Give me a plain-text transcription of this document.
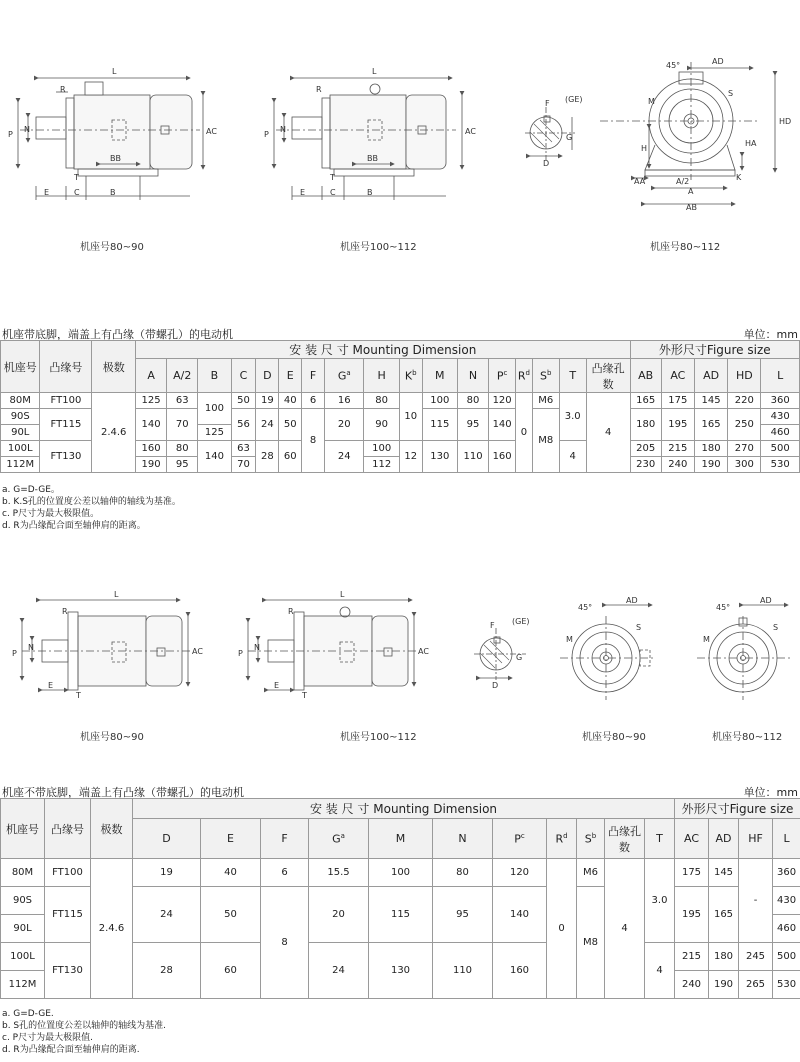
L
R
P
N
E	C
T
BB
B
AC
L
R
P
N
E	C
T
BB
B
AC
(GE)
F
G
D
45°	AD
M
S
HD
H
HA
A/2
A
AA
AB
K
机座号80~90	机座号100~112	机座号80~112
机座带底脚，端盖上有凸缘（带螺孔）的电动机	单位：mm
机座号	凸缘号	极数	安 装 尺 寸 Mounting Dimension																	外形尺寸Figure size				
			A	A/2	B	C	D	E	F	$G^a$	H	$K^b$	M	N	$P^c$	$R^d$	$S^b$	T	凸缘孔数	AB	AC	AD	HD	L
80M	FT100	2.4.6	125	63	100	50	19	40	6	16	80	10	100	80	120	0	M6	3.0	4	165	175	145	220	360
90S	FT115		140	70		56	24	50	8	20	90		115	95	140		M8			180	195	165	250	430
90L					125																			460
100L	FT130		160	80	140	63	28	60		24	100	12	130	110	160			4		205	215	180	270	500
112M			190	95		70					112									230	240	190	300	530
a. G=D-GE。
b. K.S孔的位置度公差以轴伸的轴线为基准。
c. P尺寸为最大极限值。
d. R为凸缘配合面至轴伸肩的距离。
L
R
P
N
E
T
AC
L
R
P
N
E
T
AC
F (GE)
G
D
45°
AD
M
S
45°
AD
M
S
机座号80~90	机座号100~112	机座号80~90	机座号80~112
机座不带底脚，端盖上有凸缘（带螺孔）的电动机	单位：mm
机座号	凸缘号	极数	安 装 尺 寸 Mounting Dimension											外形尺寸Figure size			
			D	E	F	$G^a$	M	N	$P^c$	$R^d$	$S^b$	凸缘孔数	T	AC	AD	HF	L
80M	FT100	2.4.6	19	40	6	15.5	100	80	120	0	M6	4	3.0	175	145	-	360
90S	FT115		24	50	8	20	115	95	140		M8			195	165		430
90L																	460
100L	FT130		28	60		24	130	110	160				4	215	180	245	500
112M														240	190	265	530
a. G=D-GE.
b. S孔的位置度公差以轴伸的轴线为基准.
c. P尺寸为最大极限值.
d. R为凸缘配合面至轴伸肩的距离.
